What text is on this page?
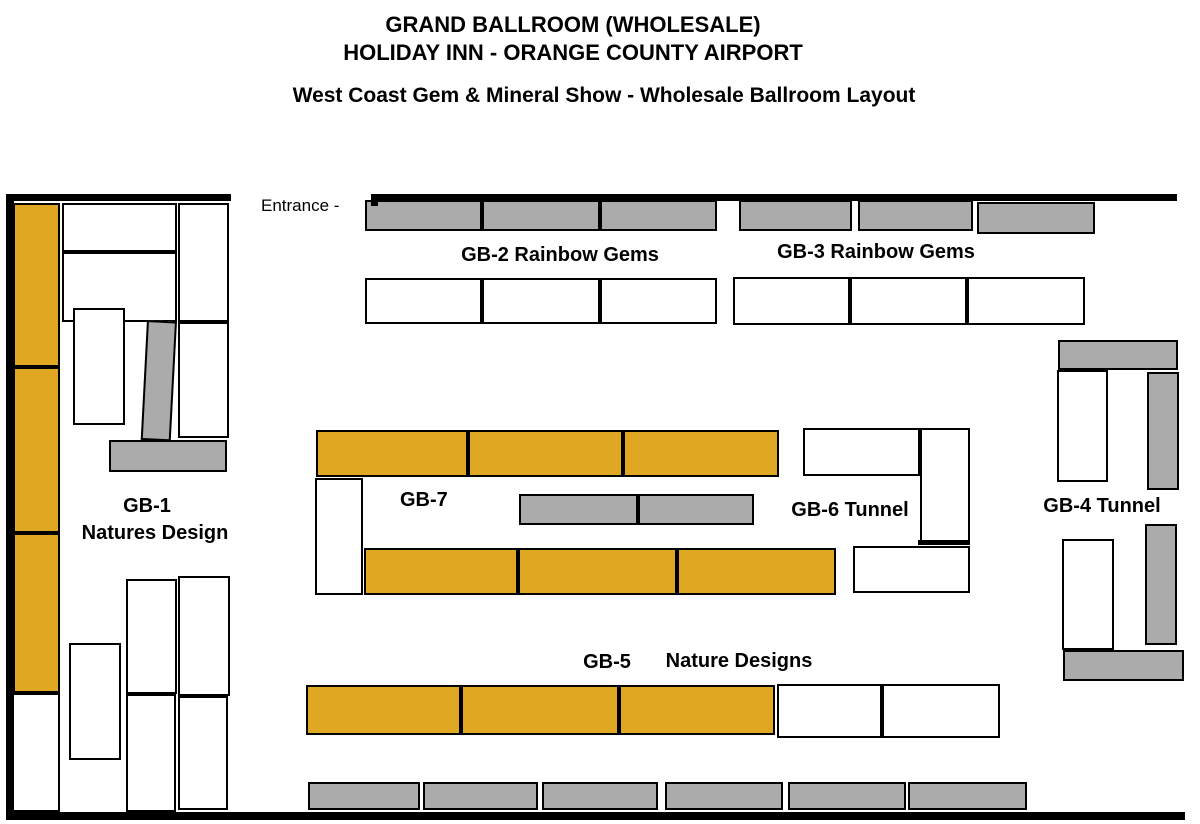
GRAND BALLROOM (WHOLESALE)
HOLIDAY INN - ORANGE COUNTY AIRPORT
West Coast Gem & Mineral Show - Wholesale Ballroom Layout
Entrance -
GB-2 Rainbow Gems	GB-3 Rainbow Gems
GB-1
Natures Design
GB-7	GB-6 Tunnel	GB-4 Tunnel
GB-5 Nature Designs
